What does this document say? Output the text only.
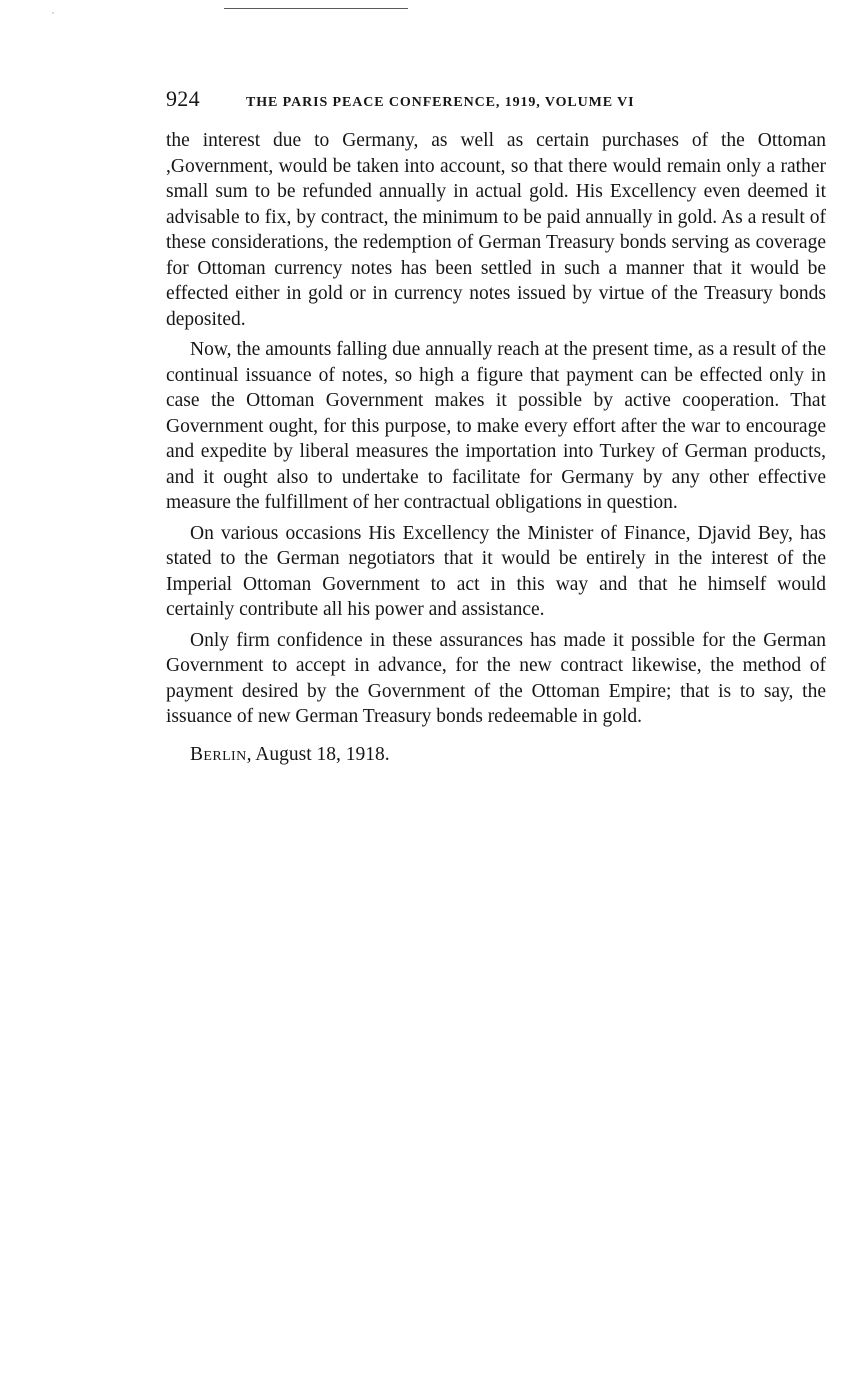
924	THE PARIS PEACE CONFERENCE, 1919, VOLUME VI

the interest due to Germany, as well as certain purchases of the Ottoman ,Government, would be taken into account, so that there would remain only a rather small sum to be refunded annually in actual gold. His Excellency even deemed it advisable to fix, by contract, the minimum to be paid annually in gold. As a result of these considerations, the redemption of German Treasury bonds serving as coverage for Ottoman currency notes has been settled in such a manner that it would be effected either in gold or in currency notes issued by virtue of the Treasury bonds deposited.

Now, the amounts falling due annually reach at the present time, as a result of the continual issuance of notes, so high a figure that payment can be effected only in case the Ottoman Government makes it possible by active cooperation. That Government ought, for this purpose, to make every effort after the war to encourage and expedite by liberal measures the importation into Turkey of German products, and it ought also to undertake to facilitate for Germany by any other effective measure the fulfillment of her contractual obligations in question.

On various occasions His Excellency the Minister of Finance, Djavid Bey, has stated to the German negotiators that it would be entirely in the interest of the Imperial Ottoman Government to act in this way and that he himself would certainly contribute all his power and assistance.

Only firm confidence in these assurances has made it possible for the German Government to accept in advance, for the new contract likewise, the method of payment desired by the Government of the Ottoman Empire; that is to say, the issuance of new German Treasury bonds redeemable in gold.

Berlin, August 18, 1918.
